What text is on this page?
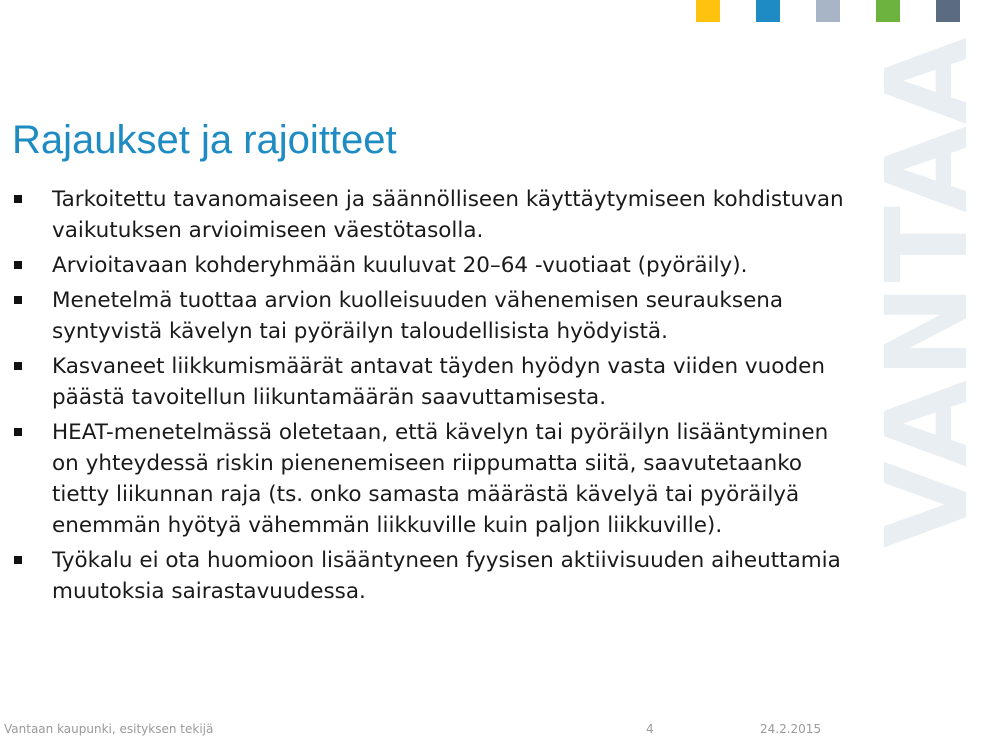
VANTAA
Rajaukset ja rajoitteet
Tarkoitettu tavanomaiseen ja säännölliseen käyttäytymiseen kohdistuvan vaikutuksen arvioimiseen väestötasolla.
Arvioitavaan kohderyhmään kuuluvat 20–64 -vuotiaat (pyöräily).
Menetelmä tuottaa arvion kuolleisuuden vähenemisen seurauksena syntyvistä kävelyn tai pyöräilyn taloudellisista hyödyistä.
Kasvaneet liikkumismäärät antavat täyden hyödyn vasta viiden vuoden päästä tavoitellun liikuntamäärän saavuttamisesta.
HEAT-menetelmässä oletetaan, että kävelyn tai pyöräilyn lisääntyminen on yhteydessä riskin pienenemiseen riippumatta siitä, saavutetaanko tietty liikunnan raja (ts. onko samasta määrästä kävelyä tai pyöräilyä enemmän hyötyä vähemmän liikkuville kuin paljon liikkuville).
Työkalu ei ota huomioon lisääntyneen fyysisen aktiivisuuden aiheuttamia muutoksia sairastavuudessa.
Vantaan kaupunki, esityksen tekijä	4	24.2.2015
